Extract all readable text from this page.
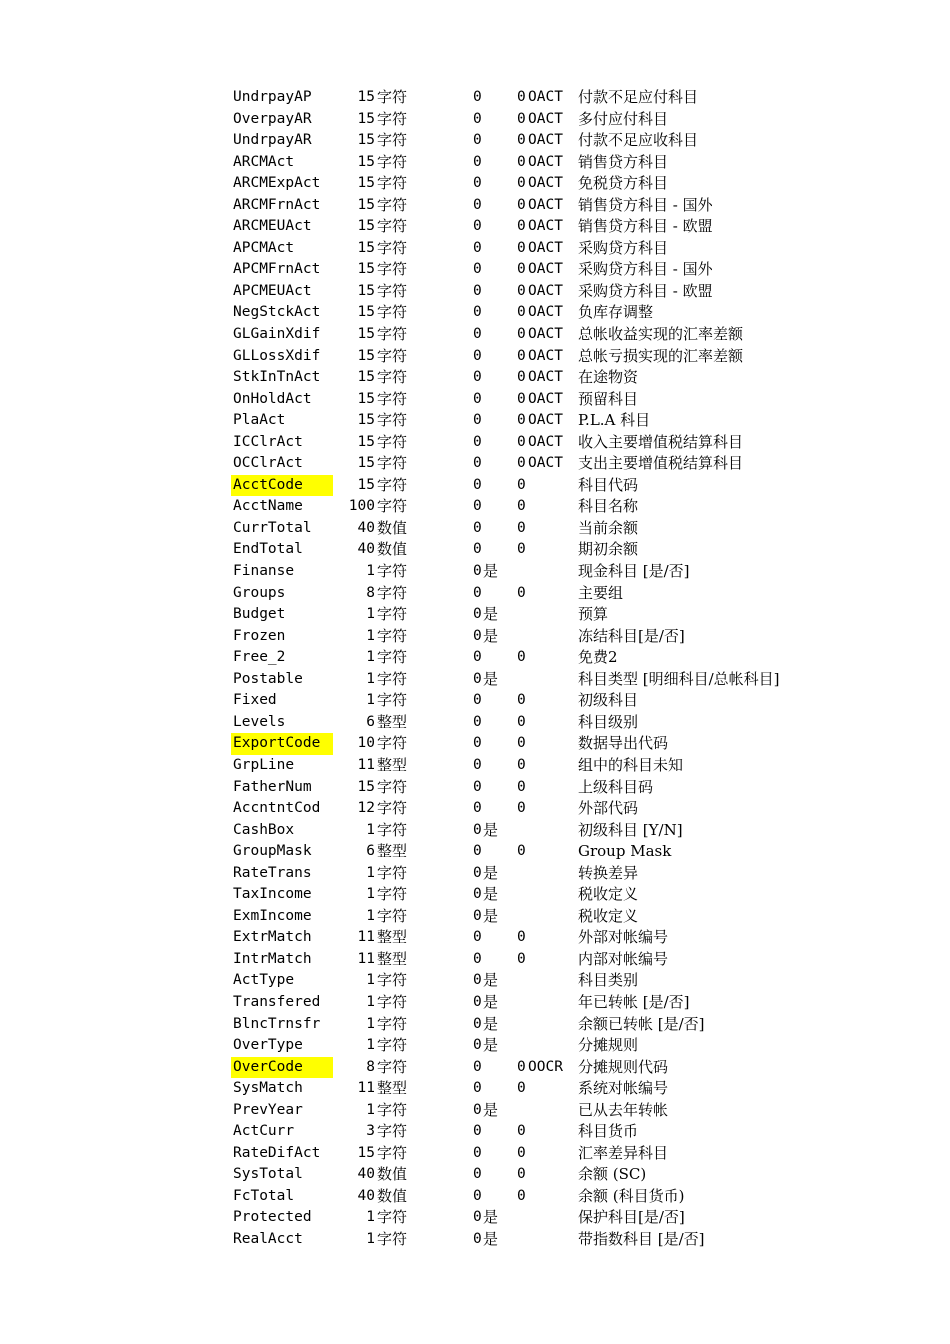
UndrpayAP	15 字符	0 0 OACT 付款不足应付科目
OverpayAR	15 字符	0 0 OACT 多付应付科目
UndrpayAR	15 字符	0 0 OACT 付款不足应收科目
ARCMAct	15 字符	0 0 OACT 销售贷方科目
ARCMExpAct	15 字符	0 0 OACT 免税贷方科目
ARCMFrnAct	15 字符	0 0 OACT 销售贷方科目 - 国外
ARCMEUAct	15 字符	0 0 OACT 销售贷方科目 - 欧盟
APCMAct	15 字符	0 0 OACT 采购贷方科目
APCMFrnAct	15 字符	0 0 OACT 采购贷方科目 - 国外
APCMEUAct	15 字符	0 0 OACT 采购贷方科目 - 欧盟
NegStckAct	15 字符	0 0 OACT 负库存调整
GLGainXdif	15 字符	0 0 OACT 总帐收益实现的汇率差额
GLLossXdif	15 字符	0 0 OACT 总帐亏损实现的汇率差额
StkInTnAct	15 字符	0 0 OACT 在途物资
OnHoldAct	15 字符	0 0 OACT 预留科目
PlaAct	15 字符	0 0 OACT P.L.A 科目
ICClrAct	15 字符	0 0 OACT 收入主要增值税结算科目
OCClrAct	15 字符	0 0 OACT 支出主要增值税结算科目
AcctCode	15 字符	0 0	科目代码
AcctName	100 字符	0 0	科目名称
CurrTotal	40 数值	0 0	当前余额
EndTotal	40 数值	0 0	期初余额
Finanse	1 字符	0 是	现金科目 [是/否]
Groups	8 字符	0 0	主要组
Budget	1 字符	0 是	预算
Frozen	1 字符	0 是	冻结科目[是/否]
Free_2	1 字符	0 0	免费2
Postable	1 字符	0 是	科目类型 [明细科目/总帐科目]
Fixed	1 字符	0 0	初级科目
Levels	6 整型	0 0	科目级别
ExportCode	10 字符	0 0	数据导出代码
GrpLine	11 整型	0 0	组中的科目未知
FatherNum	15 字符	0 0	上级科目码
AccntntCod	12 字符	0 0	外部代码
CashBox	1 字符	0 是	初级科目 [Y/N]
GroupMask	6 整型	0 0	Group Mask
RateTrans	1 字符	0 是	转换差异
TaxIncome	1 字符	0 是	税收定义
ExmIncome	1 字符	0 是	税收定义
ExtrMatch	11 整型	0 0	外部对帐编号
IntrMatch	11 整型	0 0	内部对帐编号
ActType	1 字符	0 是	科目类别
Transfered	1 字符	0 是	年已转帐 [是/否]
BlncTrnsfr	1 字符	0 是	余额已转帐 [是/否]
OverType	1 字符	0 是	分摊规则
OverCode	8 字符	0 0 OOCR 分摊规则代码
SysMatch	11 整型	0 0	系统对帐编号
PrevYear	1 字符	0 是	已从去年转帐
ActCurr	3 字符	0 0	科目货币
RateDifAct	15 字符	0 0	汇率差异科目
SysTotal	40 数值	0 0	余额 (SC)
FcTotal	40 数值	0 0	余额 (科目货币)
Protected	1 字符	0 是	保护科目[是/否]
RealAcct	1 字符	0 是	带指数科目 [是/否]
